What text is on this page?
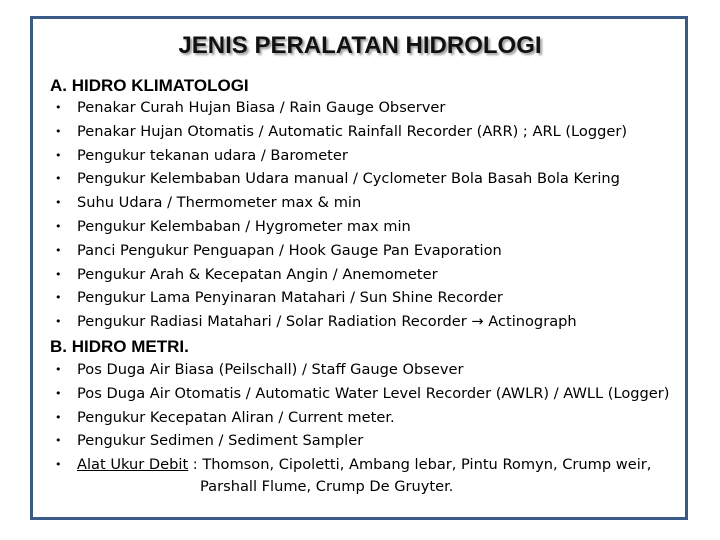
JENIS PERALATAN HIDROLOGI
A. HIDRO KLIMATOLOGI
• Penakar Curah Hujan Biasa / Rain Gauge Observer
• Penakar Hujan Otomatis / Automatic Rainfall Recorder (ARR) ; ARL (Logger)
• Pengukur tekanan udara / Barometer
• Pengukur Kelembaban Udara manual / Cyclometer Bola Basah Bola Kering
• Suhu Udara / Thermometer max & min
• Pengukur Kelembaban / Hygrometer max min
• Panci Pengukur Penguapan / Hook Gauge Pan Evaporation
• Pengukur Arah & Kecepatan Angin / Anemometer
• Pengukur Lama Penyinaran Matahari / Sun Shine Recorder
• Pengukur Radiasi Matahari / Solar Radiation Recorder → Actinograph
B. HIDRO METRI.
• Pos Duga Air Biasa (Peilschall) / Staff Gauge Obsever
• Pos Duga Air Otomatis / Automatic Water Level Recorder (AWLR) / AWLL (Logger)
• Pengukur Kecepatan Aliran / Current meter.
• Pengukur Sedimen / Sediment Sampler
• Alat Ukur Debit : Thomson, Cipoletti, Ambang lebar, Pintu Romyn, Crump weir,
Parshall Flume, Crump De Gruyter.
